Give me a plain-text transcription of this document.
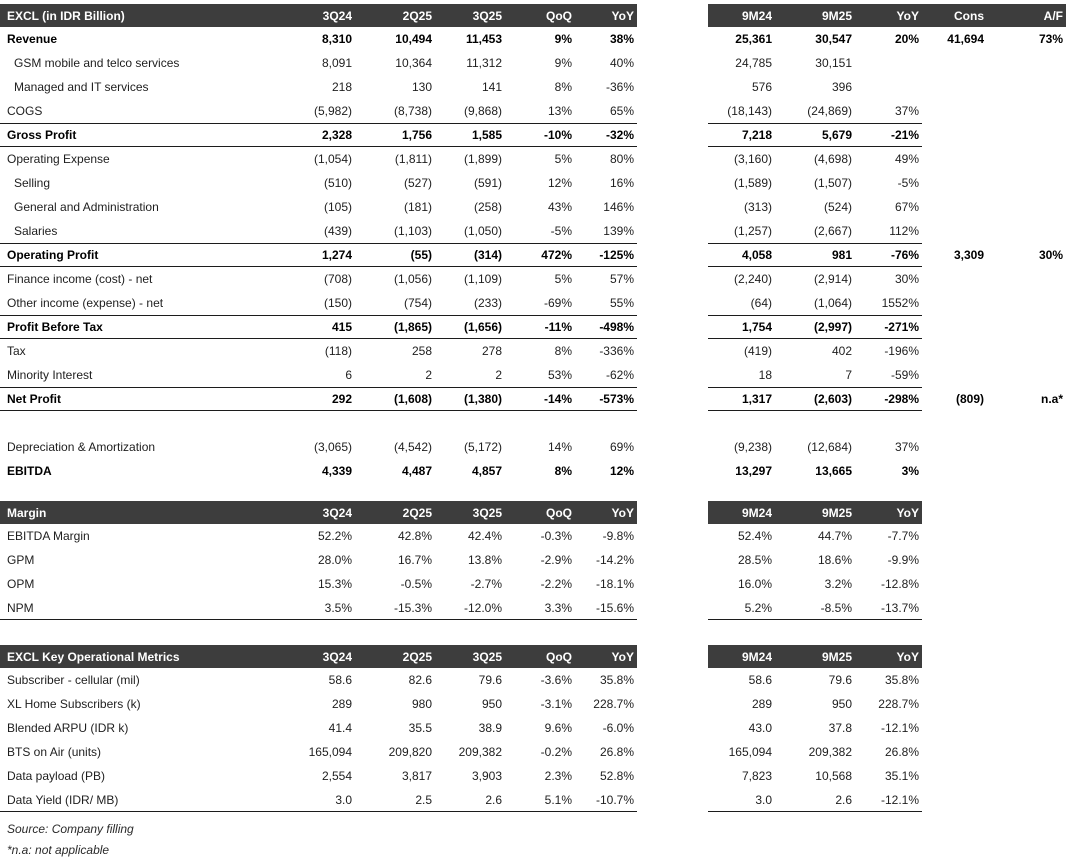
EXCL (in IDR Billion)	3Q24	2Q25	3Q25	QoQ	YoY	9M24	9M25	YoY	Cons	A/F
Revenue	8,310	10,494	11,453	9%	38%	25,361	30,547	20%	41,694	73%
GSM mobile and telco services	8,091	10,364	11,312	9%	40%	24,785	30,151
Managed and IT services	218	130	141	8%	-36%	576	396
COGS	(5,982)	(8,738)	(9,868)	13%	65%	(18,143)	(24,869)	37%
Gross Profit	2,328	1,756	1,585	-10%	-32%	7,218	5,679	-21%
Operating Expense	(1,054)	(1,811)	(1,899)	5%	80%	(3,160)	(4,698)	49%
Selling	(510)	(527)	(591)	12%	16%	(1,589)	(1,507)	-5%
General and Administration	(105)	(181)	(258)	43%	146%	(313)	(524)	67%
Salaries	(439)	(1,103)	(1,050)	-5%	139%	(1,257)	(2,667)	112%
Operating Profit	1,274	(55)	(314)	472%	-125%	4,058	981	-76%	3,309	30%
Finance income (cost) - net	(708)	(1,056)	(1,109)	5%	57%	(2,240)	(2,914)	30%
Other income (expense) - net	(150)	(754)	(233)	-69%	55%	(64)	(1,064)	1552%
Profit Before Tax	415	(1,865)	(1,656)	-11%	-498%	1,754	(2,997)	-271%
Tax	(118)	258	278	8%	-336%	(419)	402	-196%
Minority Interest	6	2	2	53%	-62%	18	7	-59%
Net Profit	292	(1,608)	(1,380)	-14%	-573%	1,317	(2,603)	-298%	(809)	n.a*
Depreciation & Amortization	(3,065)	(4,542)	(5,172)	14%	69%	(9,238)	(12,684)	37%
EBITDA	4,339	4,487	4,857	8%	12%	13,297	13,665	3%
Margin	3Q24	2Q25	3Q25	QoQ	YoY	9M24	9M25	YoY
EBITDA Margin	52.2%	42.8%	42.4%	-0.3%	-9.8%	52.4%	44.7%	-7.7%
GPM	28.0%	16.7%	13.8%	-2.9%	-14.2%	28.5%	18.6%	-9.9%
OPM	15.3%	-0.5%	-2.7%	-2.2%	-18.1%	16.0%	3.2%	-12.8%
NPM	3.5%	-15.3%	-12.0%	3.3%	-15.6%	5.2%	-8.5%	-13.7%
EXCL Key Operational Metrics	3Q24	2Q25	3Q25	QoQ	YoY	9M24	9M25	YoY
Subscriber - cellular (mil)	58.6	82.6	79.6	-3.6%	35.8%	58.6	79.6	35.8%
XL Home Subscribers (k)	289	980	950	-3.1%	228.7%	289	950	228.7%
Blended ARPU (IDR k)	41.4	35.5	38.9	9.6%	-6.0%	43.0	37.8	-12.1%
BTS on Air (units)	165,094	209,820	209,382	-0.2%	26.8%	165,094	209,382	26.8%
Data payload (PB)	2,554	3,817	3,903	2.3%	52.8%	7,823	10,568	35.1%
Data Yield (IDR/ MB)	3.0	2.5	2.6	5.1%	-10.7%	3.0	2.6	-12.1%
Source: Company filling
*n.a: not applicable
